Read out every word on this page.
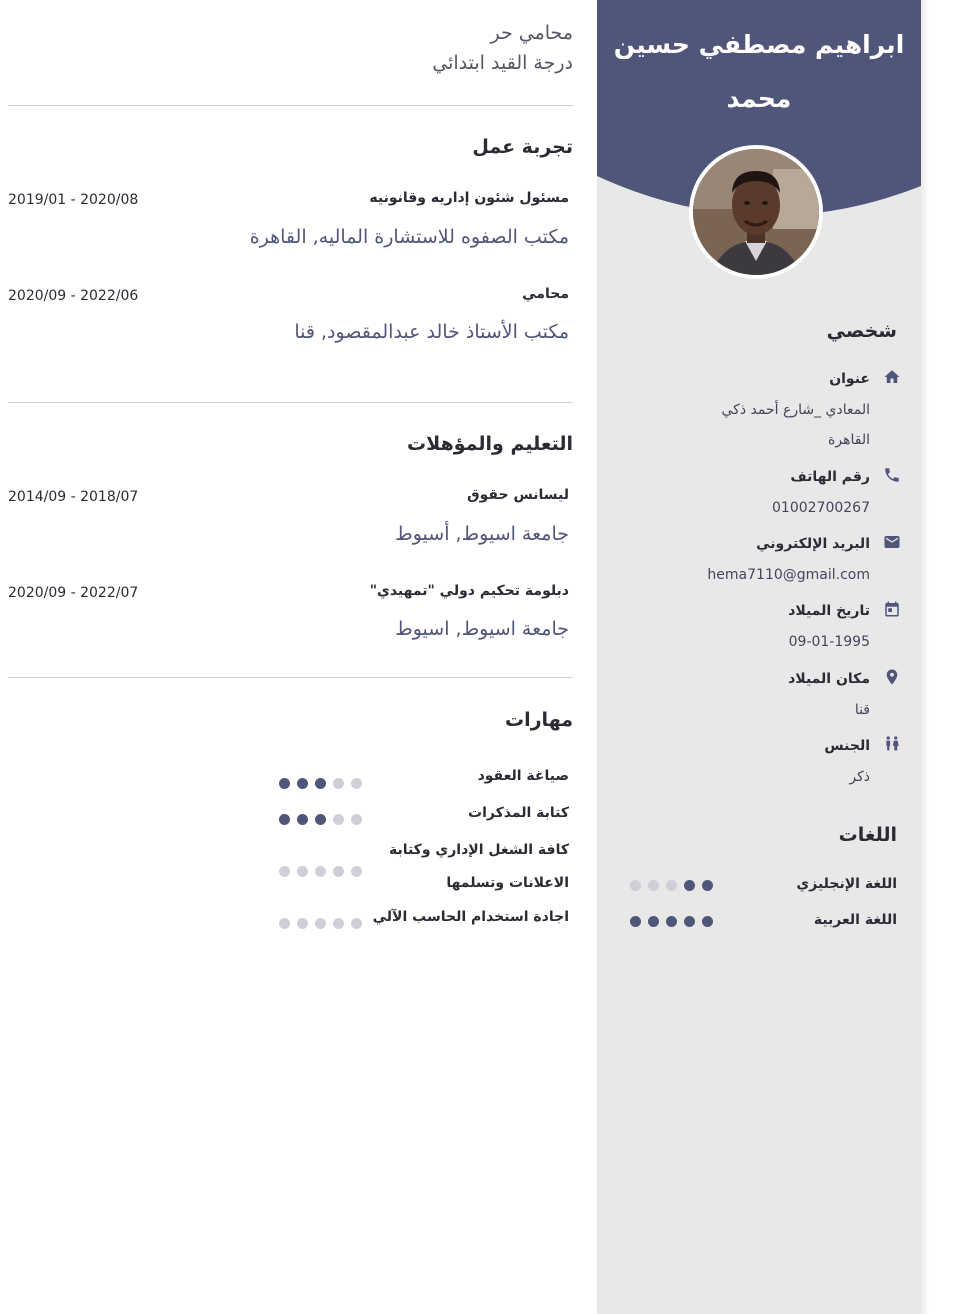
ابراهيم مصطفي حسين محمد
شخصي
عنوان
المعادي _شارع أحمد ذكي
القاهرة
رقم الهاتف
01002700267
البريد الإلكتروني
hema7110@gmail.com
تاريخ الميلاد
09-01-1995
مكان الميلاد
قنا
الجنس
ذكر
اللغات
اللغة الإنجليزي
اللغة العربية
محامي حر
درجة القيد ابتدائي
تجربة عمل
مسئول شئون إداريه وقانونيه
2019/01 - 2020/08
مكتب الصفوه للاستشارة الماليه, القاهرة
محامي
2020/09 - 2022/06
مكتب الأستاذ خالد عبدالمقصود, قنا
التعليم والمؤهلات
ليسانس حقوق
2014/09 - 2018/07
جامعة اسيوط, أسيوط
دبلومة تحكيم دولي "تمهيدي"
2020/09 - 2022/07
جامعة اسيوط, اسيوط
مهارات
صياغة العقود
كتابة المذكرات
كافة الشغل الإداري وكتابة الاعلانات وتسلمها
اجادة استخدام الحاسب الآلي
